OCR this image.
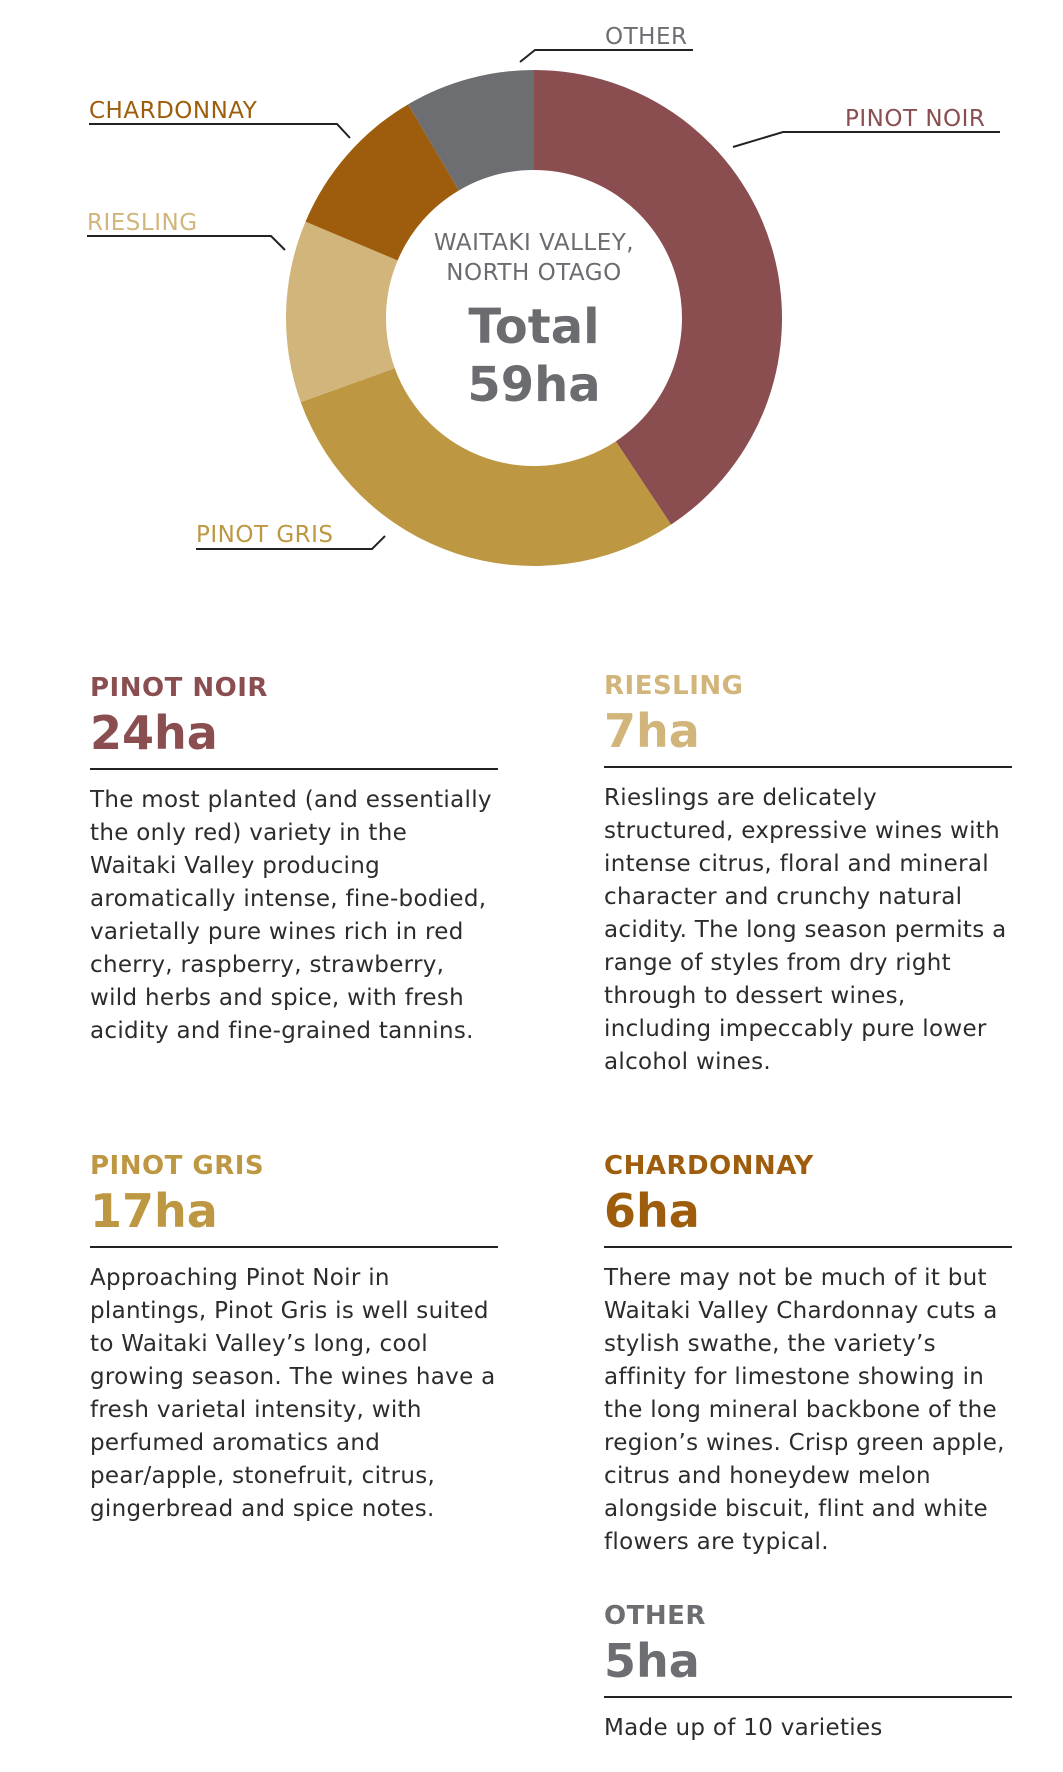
PINOT NOIR
PINOT GRIS
RIESLING
CHARDONNAY
OTHER
WAITAKI VALLEY,
NORTH OTAGO
Total
59ha

PINOT NOIR

24ha

The most planted (and essentially the only red) variety in the Waitaki Valley producing aromatically intense, fine-bodied, varietally pure wines rich in red cherry, raspberry, strawberry, wild herbs and spice, with fresh acidity and fine-grained tannins.

RIESLING

7ha

Rieslings are delicately structured, expressive wines with intense citrus, floral and mineral character and crunchy natural acidity. The long season permits a range of styles from dry right through to dessert wines, including impeccably pure lower alcohol wines.

PINOT GRIS

17ha

Approaching Pinot Noir in plantings, Pinot Gris is well suited to Waitaki Valley’s long, cool growing season. The wines have a fresh varietal intensity, with perfumed aromatics and pear/apple, stonefruit, citrus, gingerbread and spice notes.

CHARDONNAY

6ha

There may not be much of it but Waitaki Valley Chardonnay cuts a stylish swathe, the variety’s affinity for limestone showing in the long mineral backbone of the region’s wines. Crisp green apple, citrus and honeydew melon alongside biscuit, flint and white flowers are typical.

OTHER

5ha

Made up of 10 varieties
